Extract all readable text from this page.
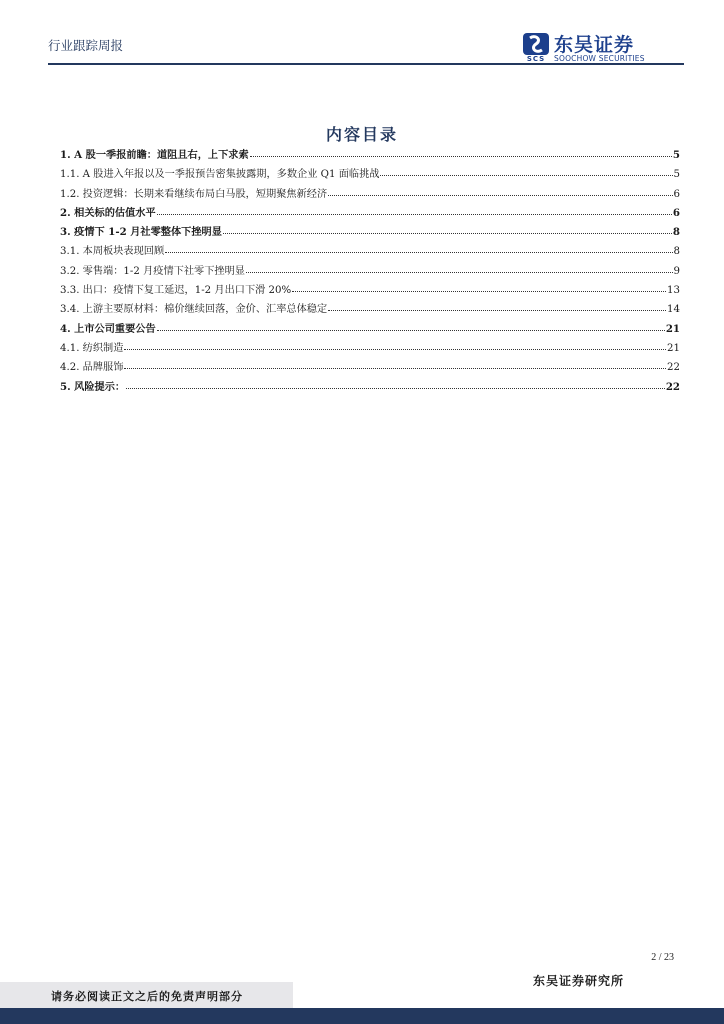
行业跟踪周报
SCS
东吴证券
SOOCHOW SECURITIES
内容目录
1. A 股一季报前瞻：道阻且右，上下求索	5
1.1. A 股进入年报以及一季报预告密集披露期，多数企业 Q1 面临挑战	5
1.2. 投资逻辑：长期来看继续布局白马股，短期聚焦新经济	6
2. 相关标的估值水平	6
3. 疫情下 1-2 月社零整体下挫明显	8
3.1. 本周板块表现回顾	8
3.2. 零售端：1-2 月疫情下社零下挫明显	9
3.3. 出口：疫情下复工延迟，1-2 月出口下滑 20%	13
3.4. 上游主要原材料：棉价继续回落，金价、汇率总体稳定	14
4. 上市公司重要公告	21
4.1. 纺织制造	21
4.2. 品牌服饰	22
5. 风险提示：	22
2 / 23
东吴证券研究所
请务必阅读正文之后的免责声明部分
